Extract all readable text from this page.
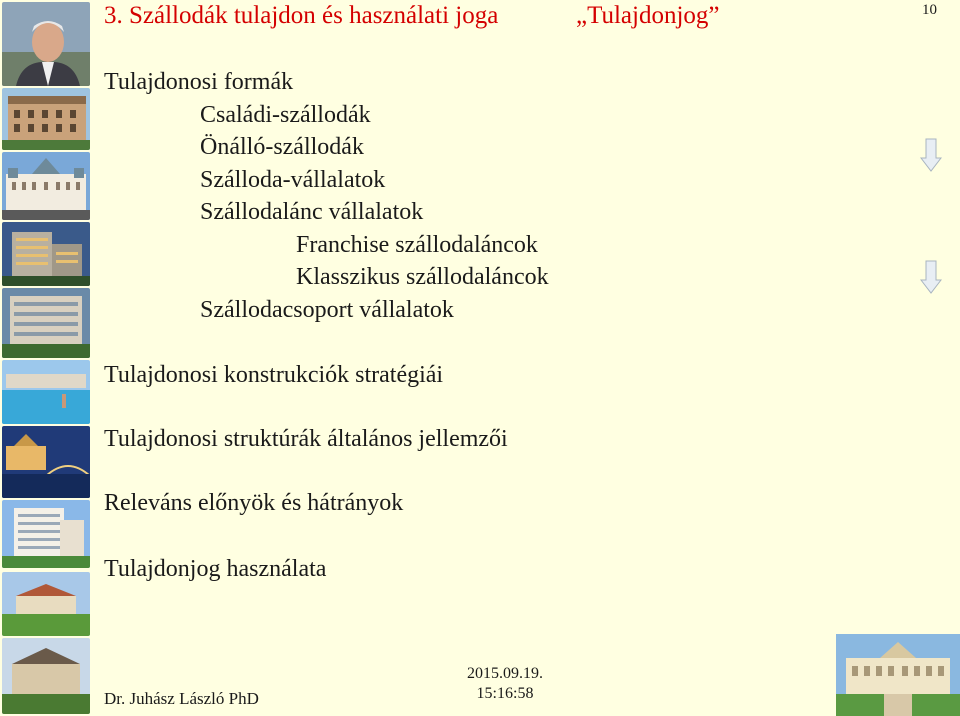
3. Szállodák tulajdon és használati joga	„Tulajdonjog”	10
Tulajdonosi formák
Családi-szállodák
Önálló-szállodák
Szálloda-vállalatok
Szállodalánc vállalatok
Franchise szállodaláncok
Klasszikus szállodaláncok
Szállodacsoport vállalatok
Tulajdonosi konstrukciók stratégiái
Tulajdonosi struktúrák általános jellemzői
Releváns előnyök és hátrányok
Tulajdonjog használata
Dr. Juhász László PhD
2015.09.19.
15:16:58
